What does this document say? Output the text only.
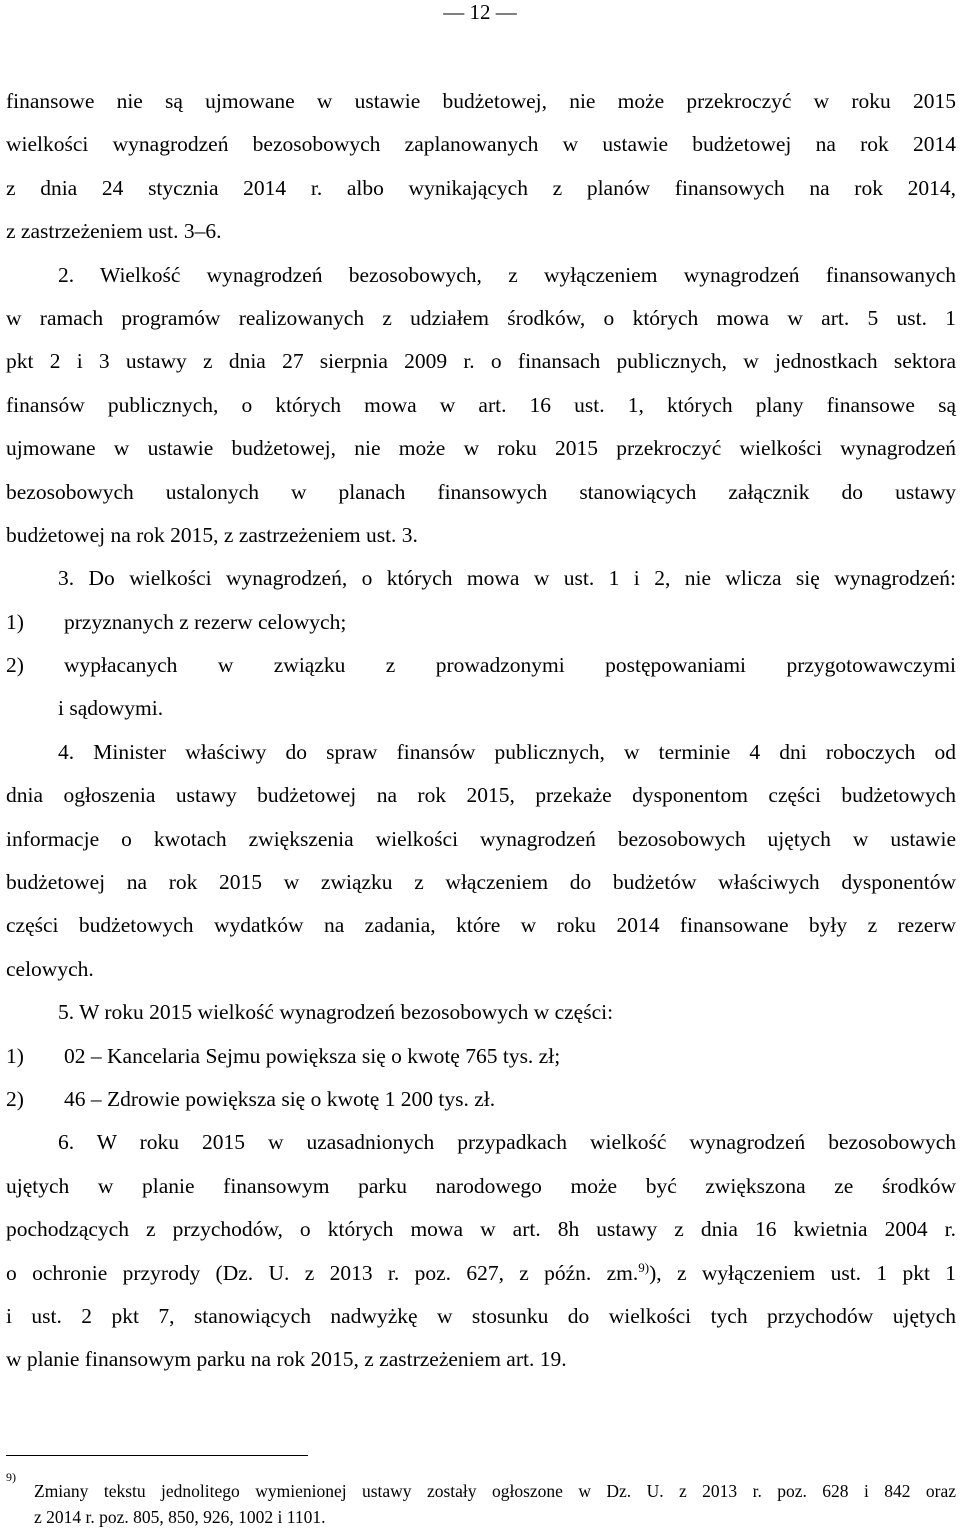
— 12 —
finansowe nie są ujmowane w ustawie budżetowej, nie może przekroczyć w roku 2015
wielkości wynagrodzeń bezosobowych zaplanowanych w ustawie budżetowej na rok 2014
z dnia 24 stycznia 2014 r. albo wynikających z planów finansowych na rok 2014,
z zastrzeżeniem ust. 3–6.
2. Wielkość wynagrodzeń bezosobowych, z wyłączeniem wynagrodzeń finansowanych
w ramach programów realizowanych z udziałem środków, o których mowa w art. 5 ust. 1
pkt 2 i 3 ustawy z dnia 27 sierpnia 2009 r. o finansach publicznych, w jednostkach sektora
finansów publicznych, o których mowa w art. 16 ust. 1, których plany finansowe są
ujmowane w ustawie budżetowej, nie może w roku 2015 przekroczyć wielkości wynagrodzeń
bezosobowych ustalonych w planach finansowych stanowiących załącznik do ustawy
budżetowej na rok 2015, z zastrzeżeniem ust. 3.
3. Do wielkości wynagrodzeń, o których mowa w ust. 1 i 2, nie wlicza się wynagrodzeń:
1)	przyznanych z rezerw celowych;
2)	wypłacanych w związku z prowadzonymi postępowaniami przygotowawczymi
i sądowymi.
4. Minister właściwy do spraw finansów publicznych, w terminie 4 dni roboczych od
dnia ogłoszenia ustawy budżetowej na rok 2015, przekaże dysponentom części budżetowych
informacje o kwotach zwiększenia wielkości wynagrodzeń bezosobowych ujętych w ustawie
budżetowej na rok 2015 w związku z włączeniem do budżetów właściwych dysponentów
części budżetowych wydatków na zadania, które w roku 2014 finansowane były z rezerw
celowych.
5. W roku 2015 wielkość wynagrodzeń bezosobowych w części:
1)	02 – Kancelaria Sejmu powiększa się o kwotę 765 tys. zł;
2)	46 – Zdrowie powiększa się o kwotę 1 200 tys. zł.
6. W roku 2015 w uzasadnionych przypadkach wielkość wynagrodzeń bezosobowych
ujętych w planie finansowym parku narodowego może być zwiększona ze środków
pochodzących z przychodów, o których mowa w art. 8h ustawy z dnia 16 kwietnia 2004 r.
o ochronie przyrody (Dz. U. z 2013 r. poz. 627, z późn. zm.$^{9)}$), z wyłączeniem ust. 1 pkt 1
i ust. 2 pkt 7, stanowiących nadwyżkę w stosunku do wielkości tych przychodów ujętych
w planie finansowym parku na rok 2015, z zastrzeżeniem art. 19.
9)
Zmiany tekstu jednolitego wymienionej ustawy zostały ogłoszone w Dz. U. z 2013 r. poz. 628 i 842 oraz
z 2014 r. poz. 805, 850, 926, 1002 i 1101.
